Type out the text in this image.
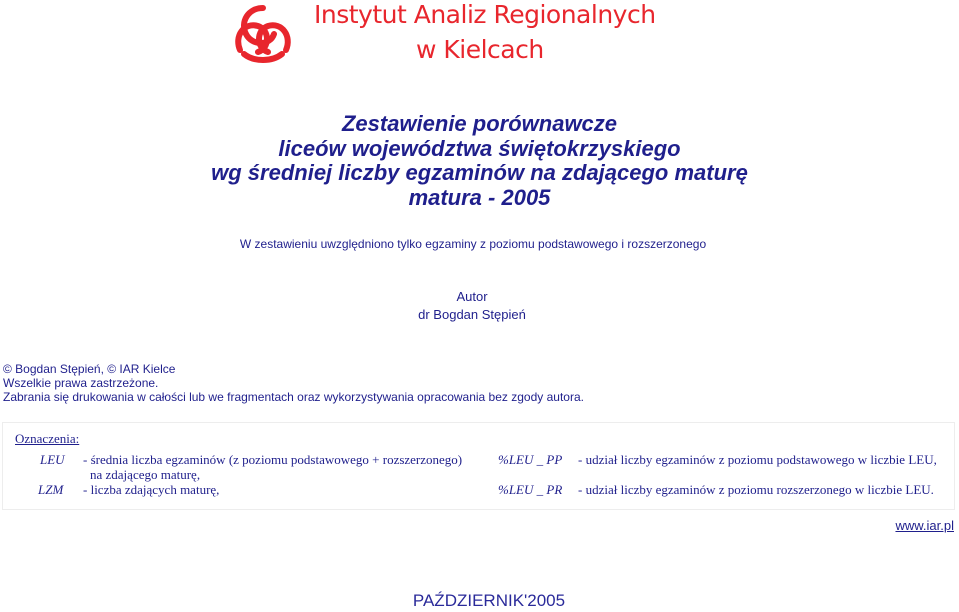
Instytut Analiz Regionalnych
w Kielcach
Zestawienie porównawcze
liceów województwa świętokrzyskiego
wg średniej liczby egzaminów na zdającego maturę
matura - 2005
W zestawieniu uwzględniono tylko egzaminy z poziomu podstawowego i rozszerzonego
Autor
dr Bogdan Stępień
© Bogdan Stępień, © IAR Kielce
Wszelkie prawa zastrzeżone.
Zabrania się drukowania w całości lub we fragmentach oraz wykorzystywania opracowania bez zgody autora.
Oznaczenia:
LEU - średnia liczba egzaminów (z poziomu podstawowego + rozszerzonego)
na zdającego maturę,
LZM - liczba zdających maturę,
%LEU _ PP - udział liczby egzaminów z poziomu podstawowego w liczbie LEU,
%LEU _ PR - udział liczby egzaminów z poziomu rozszerzonego w liczbie LEU.
www.iar.pl
PAŹDZIERNIK'2005
